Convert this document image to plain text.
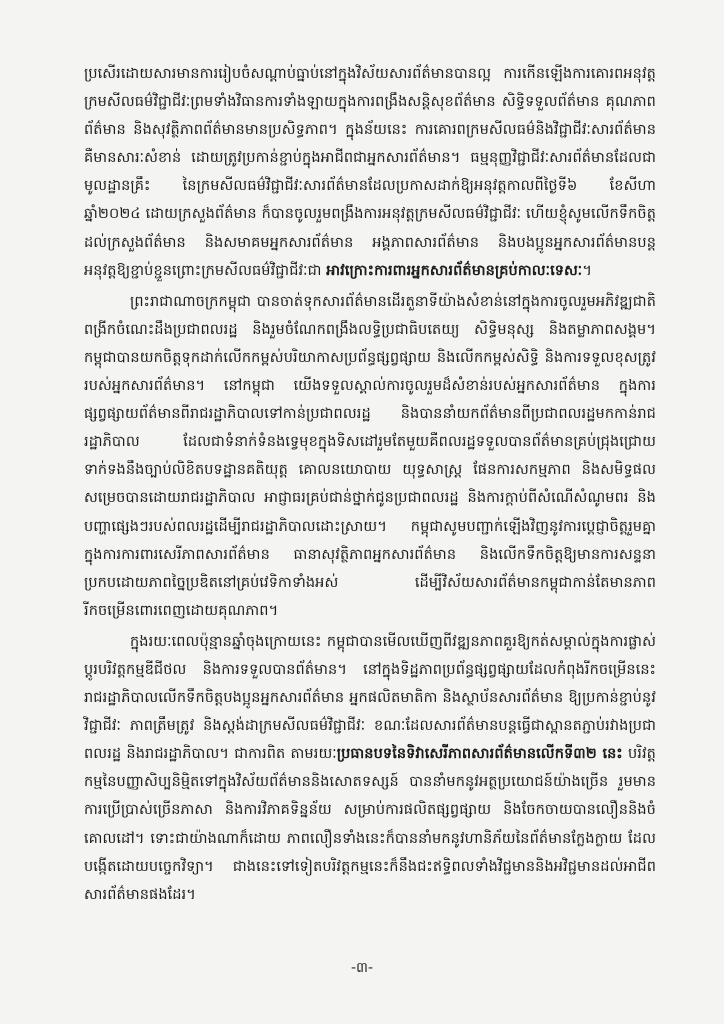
ប្រសើរដោយសារមានការរៀបចំសណ្តាប់ធ្នាប់នៅក្នុងវិស័យសារព័ត៌មានបានល្អ ការកើនឡើងការគោរពអនុវត្តក្រមសីលធម៌វិជ្ជាជីវៈព្រមទាំងវិធានការទាំងឡាយក្នុងការពង្រឹងសន្តិសុខព័ត៌មាន សិទ្ធិទទួលព័ត៌មាន គុណភាពព័ត៌មាន និងសុវត្ថិភាពព័ត៌មានមានប្រសិទ្ធភាព។ ក្នុងន័យនេះ ការគោរពក្រមសីលធម៌និងវិជ្ជាជីវៈសារព័ត៌មាន គឺមានសារៈសំខាន់ ដោយត្រូវប្រកាន់ខ្ជាប់ក្នុងអាជីពជាអ្នកសារព័ត៌មាន។ ធម្មនុញ្ញវិជ្ជាជីវៈសារព័ត៌មានដែលជាមូលដ្ឋានគ្រឹះ នៃក្រមសីលធម៌វិជ្ជាជីវៈសារព័ត៌មានដែលប្រកាសដាក់ឱ្យអនុវត្តកាលពីថ្ងៃទី៦ ខែសីហា ឆ្នាំ២០២៤ ដោយក្រសួងព័ត៌មាន ក៏បានចូលរួមពង្រឹងការអនុវត្តក្រមសីលធម៌វិជ្ជាជីវៈ ហើយខ្ញុំសូមលើកទឹកចិត្តដល់ក្រសួងព័ត៌មាន និងសមាគមអ្នកសារព័ត៌មាន អង្គភាពសារព័ត៌មាន និងបងប្អូនអ្នកសារព័ត៌មានបន្តអនុវត្តឱ្យខ្ជាប់ខ្ជួនព្រោះក្រមសីលធម៌វិជ្ជាជីវៈជា អាវក្រោះការពារអ្នកសារព័ត៌មានគ្រប់កាលៈទេសៈ។

ព្រះរាជាណាចក្រកម្ពុជា បានចាត់ទុកសារព័ត៌មានដើរតួនាទីយ៉ាងសំខាន់នៅក្នុងការចូលរួមអភិវឌ្ឍជាតិ ពង្រីកចំណេះដឹងប្រជាពលរដ្ឋ និងរួមចំណែកពង្រឹងលទ្ធិប្រជាធិបតេយ្យ សិទ្ធិមនុស្ស និងតម្លាភាពសង្គម។ កម្ពុជាបានយកចិត្តទុកដាក់លើកកម្ពស់បរិយាកាសប្រព័ន្ធផ្សព្វផ្សាយ និងលើកកម្ពស់សិទ្ធិ និងការទទួលខុសត្រូវរបស់អ្នកសារព័ត៌មាន។ នៅកម្ពុជា យើងទទួលស្គាល់ការចូលរួមដ៏សំខាន់របស់អ្នកសារព័ត៌មាន ក្នុងការផ្សព្វផ្សាយព័ត៌មានពីរាជរដ្ឋាភិបាលទៅកាន់ប្រជាពលរដ្ឋ និងបាននាំយកព័ត៌មានពីប្រជាពលរដ្ឋមកកាន់រាជរដ្ឋាភិបាល ដែលជាទំនាក់ទំនងទ្វេមុខក្នុងទិសដៅរួមតែមួយគឺពលរដ្ឋទទួលបានព័ត៌មានគ្រប់ជ្រុងជ្រោយទាក់ទងនឹងច្បាប់លិខិតបទដ្ឋានគតិយុត្ត គោលនយោបាយ យុទ្ធសាស្ត្រ ផែនការសកម្មភាព និងសមិទ្ធផលសម្រេចបានដោយរាជរដ្ឋាភិបាល អាជ្ញាធរគ្រប់ជាន់ថ្នាក់ជូនប្រជាពលរដ្ឋ និងការក្តាប់ពីសំណើសំណូមពរ និងបញ្ហាផ្សេងៗរបស់ពលរដ្ឋដើម្បីរាជរដ្ឋាភិបាលដោះស្រាយ។ កម្ពុជាសូមបញ្ជាក់ឡើងវិញនូវការប្តេជ្ញាចិត្តរួមគ្នា ក្នុងការការពារសេរីភាពសារព័ត៌មាន ធានាសុវត្ថិភាពអ្នកសារព័ត៌មាន និងលើកទឹកចិត្តឱ្យមានការសន្ទនាប្រកបដោយភាពច្នៃប្រឌិតនៅគ្រប់វេទិកាទាំងអស់ ដើម្បីវិស័យសារព័ត៌មានកម្ពុជាកាន់តែមានភាពរីកចម្រើនពោរពេញដោយគុណភាព។

ក្នុងរយៈពេលប៉ុន្មានឆ្នាំចុងក្រោយនេះ កម្ពុជាបានមើលឃើញពីវឌ្ឍនភាពគួរឱ្យកត់សម្គាល់ក្នុងការផ្លាស់ប្តូរបរិវត្តកម្មឌីជីថល និងការទទួលបានព័ត៌មាន។ នៅក្នុងទិដ្ឋភាពប្រព័ន្ធផ្សព្វផ្សាយដែលកំពុងរីកចម្រើននេះ រាជរដ្ឋាភិបាលលើកទឹកចិត្តបងប្អូនអ្នកសារព័ត៌មាន អ្នកផលិតមាតិកា និងស្ថាប័នសារព័ត៌មាន ឱ្យប្រកាន់ខ្ជាប់នូវវិជ្ជាជីវៈ ភាពត្រឹមត្រូវ និងស្តង់ដាក្រមសីលធម៌វិជ្ជាជីវៈ ខណៈដែលសារព័ត៌មានបន្តធ្វើជាស្ពានតភ្ជាប់រវាងប្រជាពលរដ្ឋ និងរាជរដ្ឋាភិបាល។ ជាការពិត តាមរយៈប្រធានបទនៃទិវាសេរីភាពសារព័ត៌មានលើកទី៣២ នេះ បរិវត្តកម្មនៃបញ្ញាសិប្បនិម្មិតទៅក្នុងវិស័យព័ត៌មាននិងសោតទស្សន៍ បាននាំមកនូវអត្ថប្រយោជន៍យ៉ាងច្រើន រួមមានការប្រើប្រាស់ច្រើនភាសា និងការវិភាគទិន្នន័យ សម្រាប់ការផលិតផ្សព្វផ្សាយ និងចែកចាយបានលឿននិងចំគោលដៅ។ ទោះជាយ៉ាងណាក៏ដោយ ភាពលឿនទាំងនេះក៏បាននាំមកនូវហានិភ័យនៃព័ត៌មានក្លែងក្លាយ ដែលបង្កើតដោយបច្ចេកវិទ្យា។ ជាងនេះទៅទៀតបរិវត្តកម្មនេះក៏នឹងជះឥទ្ធិពលទាំងវិជ្ជមាននិងអវិជ្ជមានដល់អាជីពសារព័ត៌មានផងដែរ។

-៣-
